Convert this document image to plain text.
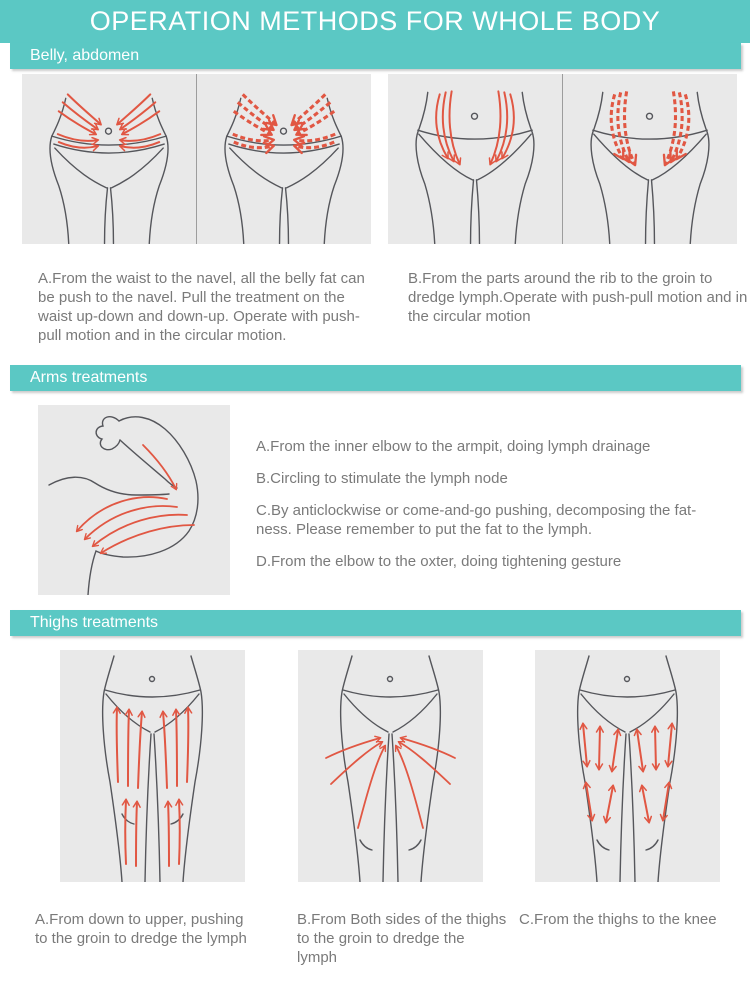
OPERATION METHODS FOR WHOLE BODY
Belly, abdomen

A.From the waist to the navel, all the belly fat can be push to the navel. Pull the treatment on the waist up-down and down-up. Operate with push-pull motion and in the circular motion.

B.From the parts around the rib to the groin to dredge lymph.Operate with push-pull motion and in the circular motion

Arms treatments
A.From the inner elbow to the armpit, doing lymph drainage
B.Circling to stimulate the lymph node
C.By anticlockwise or come-and-go pushing, decomposing the fat-ness. Please remember to put the fat to the lymph.
D.From the elbow to the oxter, doing tightening gesture
Thighs treatments

A.From down to upper, pushing to the groin to dredge the lymph

B.From Both sides of the thighs to the groin to dredge the lymph

C.From the thighs to the knee
